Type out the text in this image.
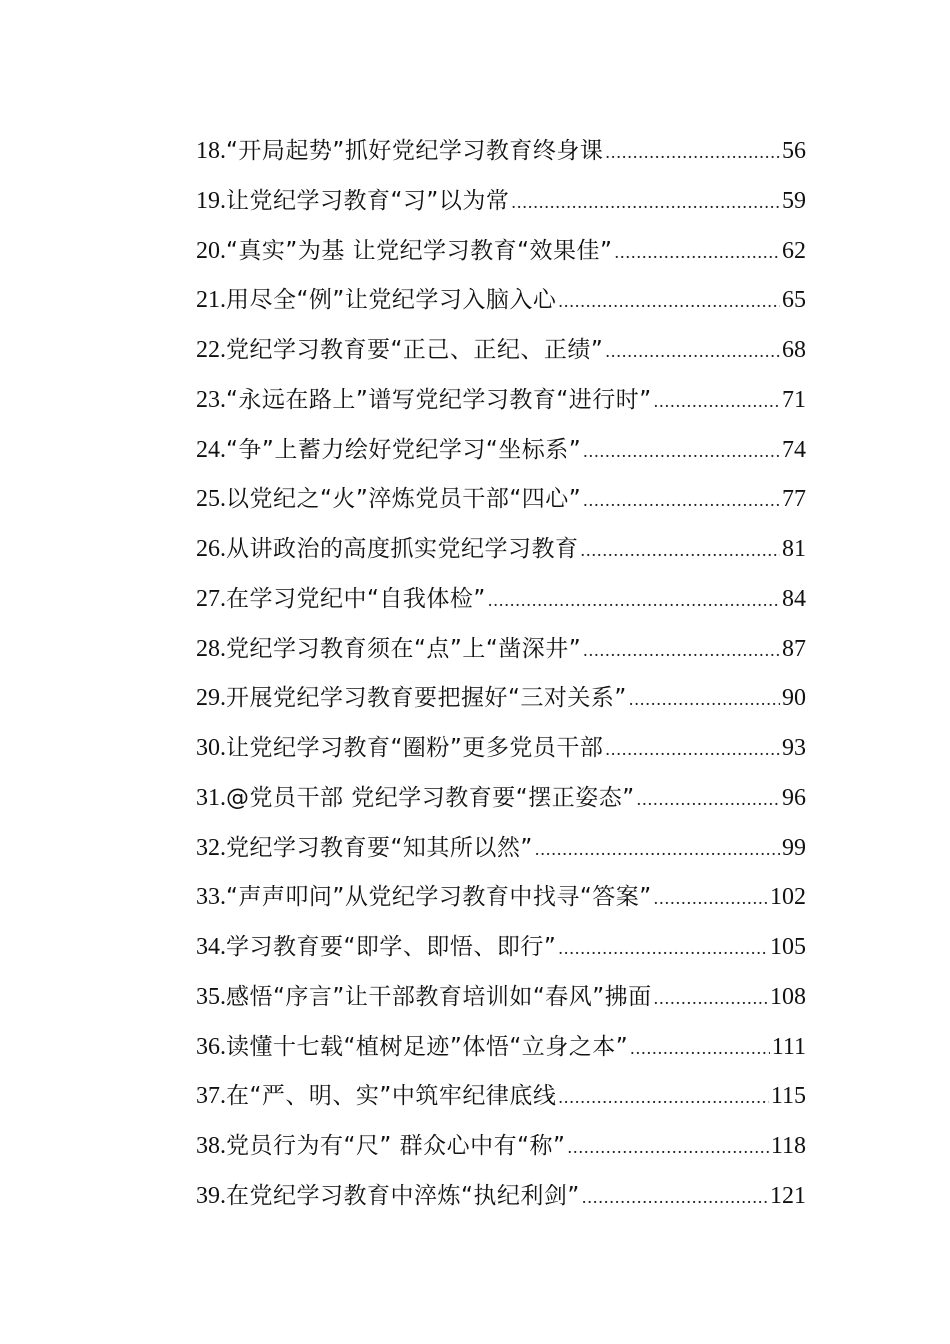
18. “开局起势”抓好党纪学习教育终身课 .....	56
19. 让党纪学习教育“习”以为常 .....	59
20. “真实”为基 让党纪学习教育“效果佳” .....	62
21. 用尽全“例”让党纪学习入脑入心 .....	65
22. 党纪学习教育要“正己、正纪、正绩” .....	68
23. “永远在路上”谱写党纪学习教育“进行时” .....	71
24. “争”上蓄力绘好党纪学习“坐标系” .....	74
25. 以党纪之“火”淬炼党员干部“四心” .....	77
26. 从讲政治的高度抓实党纪学习教育 .....	81
27. 在学习党纪中“自我体检” .....	84
28. 党纪学习教育须在“点”上“凿深井” .....	87
29. 开展党纪学习教育要把握好“三对关系” .....	90
30. 让党纪学习教育“圈粉”更多党员干部 .....	93
31. @党员干部 党纪学习教育要“摆正姿态” .....	96
32. 党纪学习教育要“知其所以然” .....	99
33. “声声叩问”从党纪学习教育中找寻“答案” .....	102
34. 学习教育要“即学、即悟、即行” .....	105
35. 感悟“序言”让干部教育培训如“春风”拂面 .....	108
36. 读懂十七载“植树足迹”体悟“立身之本” .....	111
37. 在“严、明、实”中筑牢纪律底线 .....	115
38. 党员行为有“尺” 群众心中有“称” .....	118
39. 在党纪学习教育中淬炼“执纪利剑” .....	121
